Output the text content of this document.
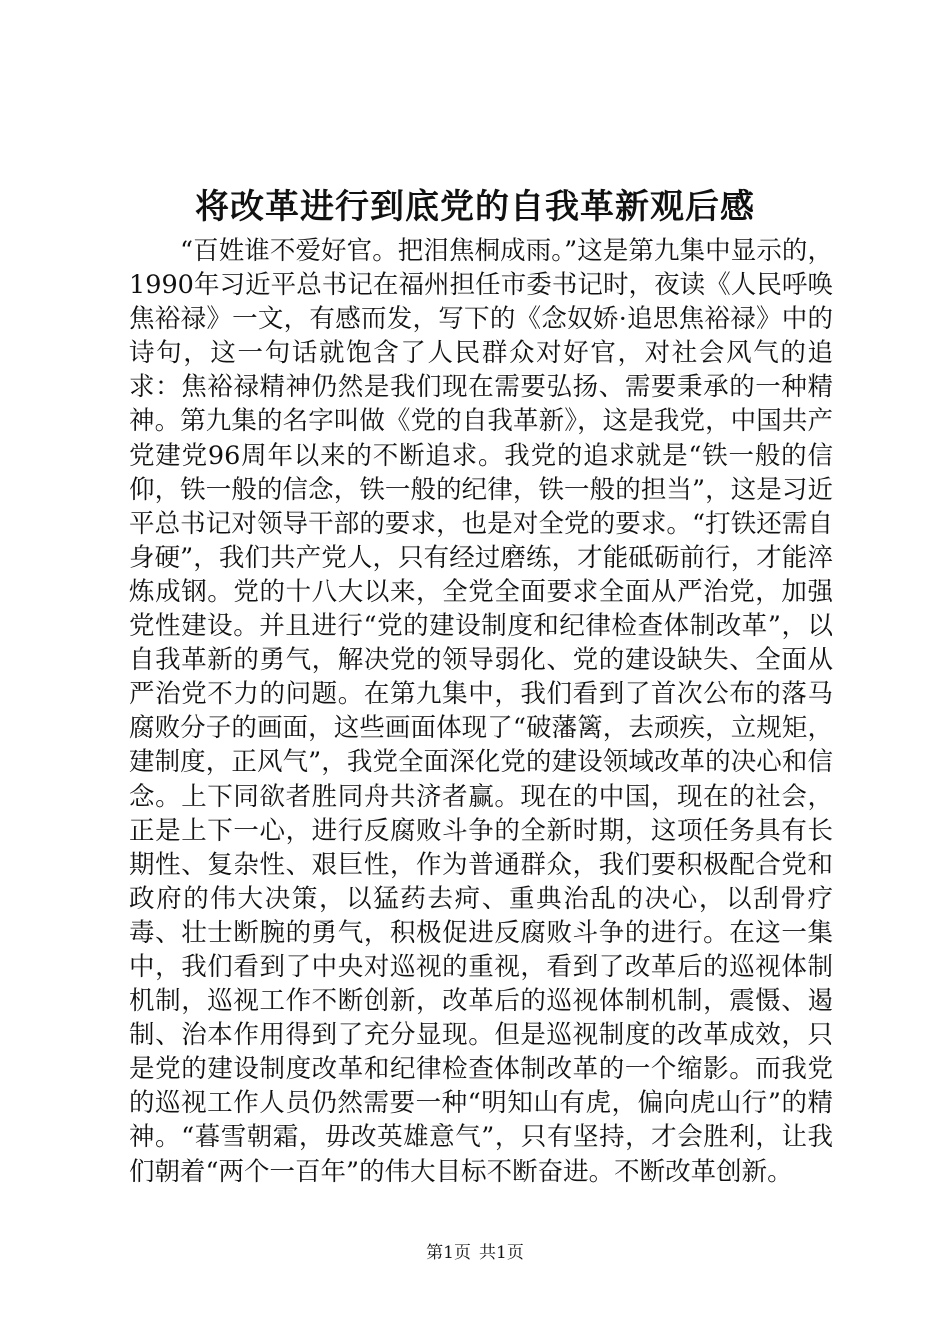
将改革进行到底党的自我革新观后感

“百姓谁不爱好官。把泪焦桐成雨。”这是第九集中显示的，1990年习近平总书记在福州担任市委书记时，夜读《人民呼唤焦裕禄》一文，有感而发，写下的《念奴娇·追思焦裕禄》中的诗句，这一句话就饱含了人民群众对好官，对社会风气的追求：焦裕禄精神仍然是我们现在需要弘扬、需要秉承的一种精神。第九集的名字叫做《党的自我革新》，这是我党，中国共产党建党96周年以来的不断追求。我党的追求就是“铁一般的信仰，铁一般的信念，铁一般的纪律，铁一般的担当”，这是习近平总书记对领导干部的要求，也是对全党的要求。“打铁还需自身硬”，我们共产党人，只有经过磨练，才能砥砺前行，才能淬炼成钢。党的十八大以来，全党全面要求全面从严治党，加强党性建设。并且进行“党的建设制度和纪律检查体制改革”，以自我革新的勇气，解决党的领导弱化、党的建设缺失、全面从严治党不力的问题。在第九集中，我们看到了首次公布的落马腐败分子的画面，这些画面体现了“破藩篱，去顽疾，立规矩，建制度，正风气”，我党全面深化党的建设领域改革的决心和信念。上下同欲者胜同舟共济者赢。现在的中国，现在的社会，正是上下一心，进行反腐败斗争的全新时期，这项任务具有长期性、复杂性、艰巨性，作为普通群众，我们要积极配合党和政府的伟大决策，以猛药去疴、重典治乱的决心，以刮骨疗毒、壮士断腕的勇气，积极促进反腐败斗争的进行。在这一集中，我们看到了中央对巡视的重视，看到了改革后的巡视体制机制，巡视工作不断创新，改革后的巡视体制机制，震慑、遏制、治本作用得到了充分显现。但是巡视制度的改革成效，只是党的建设制度改革和纪律检查体制改革的一个缩影。而我党的巡视工作人员仍然需要一种“明知山有虎，偏向虎山行”的精神。“暮雪朝霜，毋改英雄意气”，只有坚持，才会胜利，让我们朝着“两个一百年”的伟大目标不断奋进。不断改革创新。

第1页 共1页
